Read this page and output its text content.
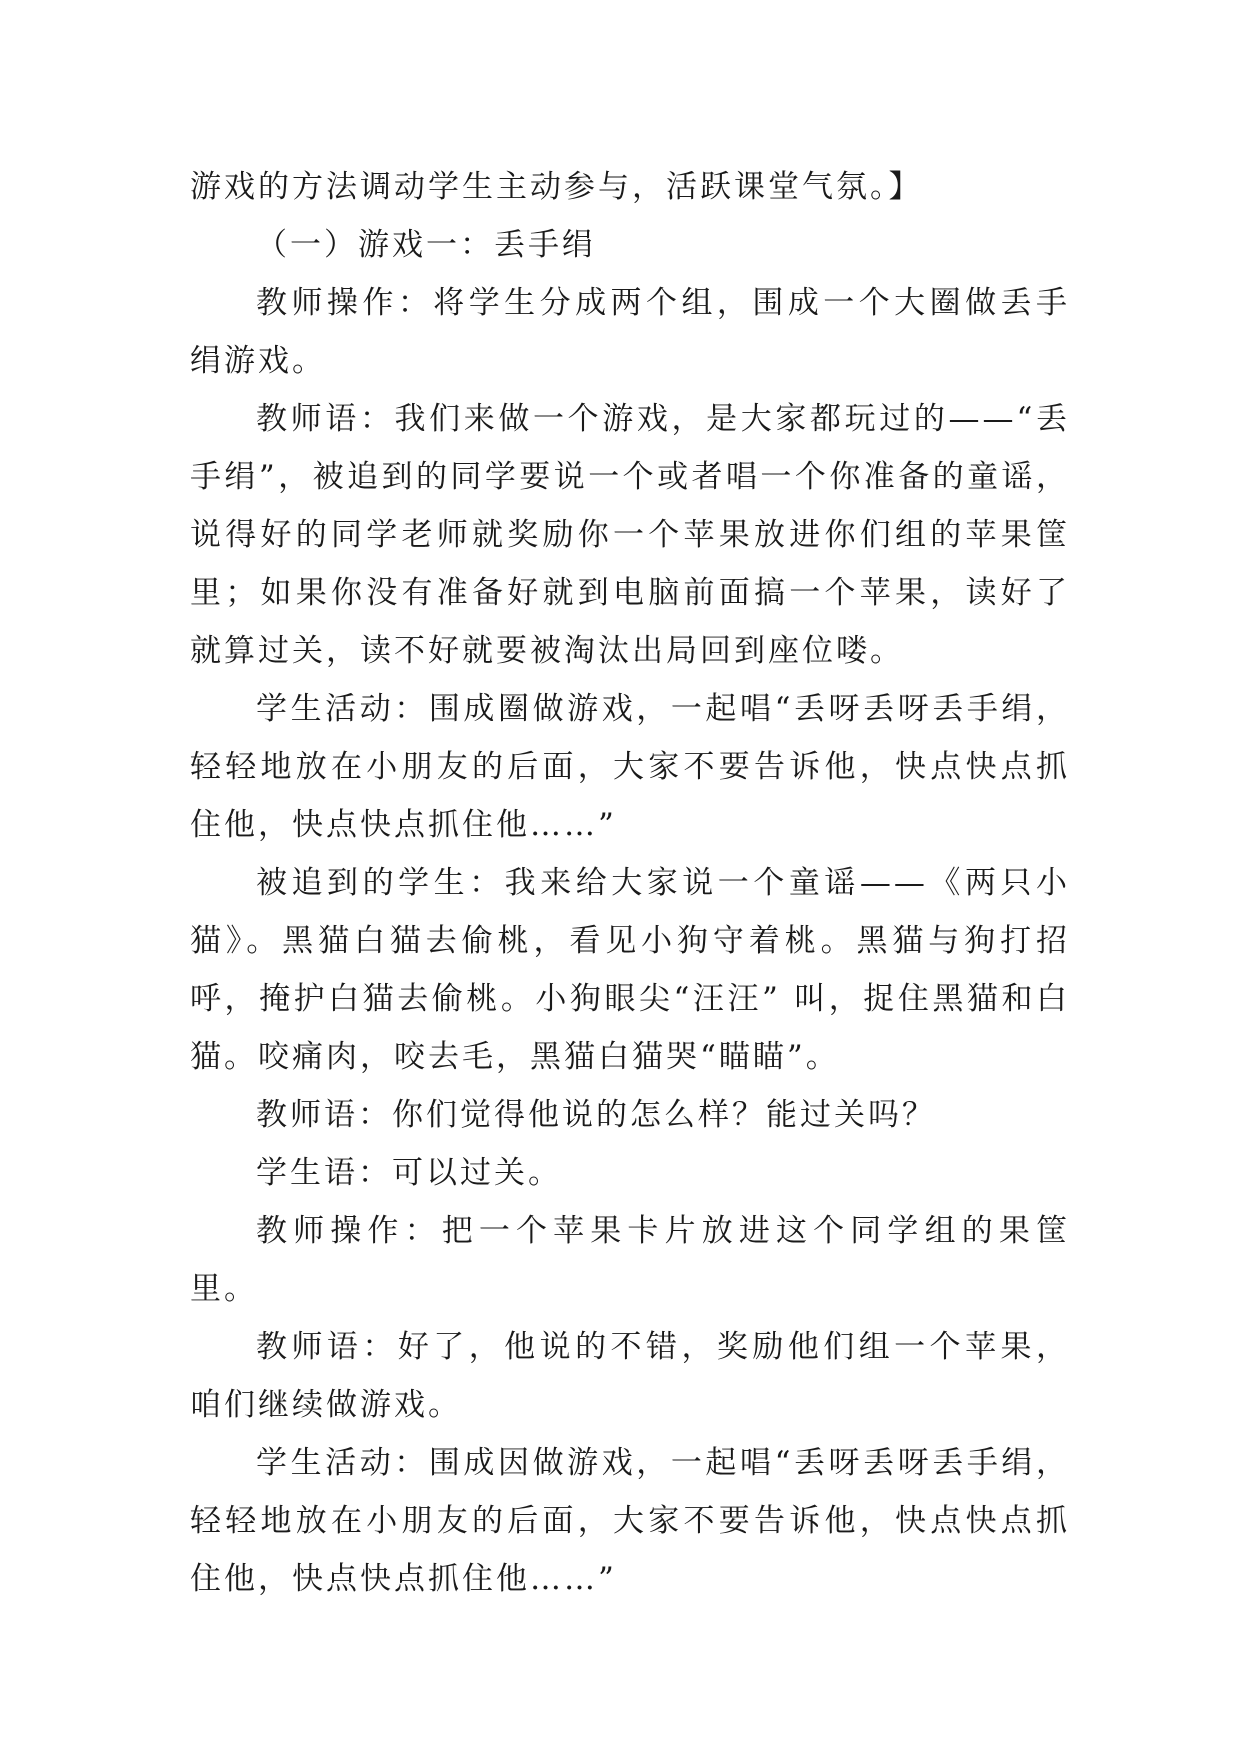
游戏的方法调动学生主动参与，活跃课堂气氛。】

（一）游戏一：丢手绢

教师操作：将学生分成两个组，围成一个大圈做丢手绢游戏。

教师语：我们来做一个游戏，是大家都玩过的——“丢手绢”，被追到的同学要说一个或者唱一个你准备的童谣，说得好的同学老师就奖励你一个苹果放进你们组的苹果筐里；如果你没有准备好就到电脑前面搞一个苹果，读好了就算过关，读不好就要被淘汰出局回到座位喽。

学生活动：围成圈做游戏，一起唱“丢呀丢呀丢手绢，轻轻地放在小朋友的后面，大家不要告诉他，快点快点抓住他，快点快点抓住他……”

被追到的学生：我来给大家说一个童谣——《两只小猫》。黑猫白猫去偷桃，看见小狗守着桃。黑猫与狗打招呼，掩护白猫去偷桃。小狗眼尖“汪汪” 叫，捉住黑猫和白猫。咬痛肉，咬去毛，黑猫白猫哭“瞄瞄”。

教师语：你们觉得他说的怎么样？能过关吗？

学生语：可以过关。

教师操作：把一个苹果卡片放进这个同学组的果筐里。

教师语：好了，他说的不错，奖励他们组一个苹果，咱们继续做游戏。

学生活动：围成因做游戏，一起唱“丢呀丢呀丢手绢，轻轻地放在小朋友的后面，大家不要告诉他，快点快点抓住他，快点快点抓住他……”
